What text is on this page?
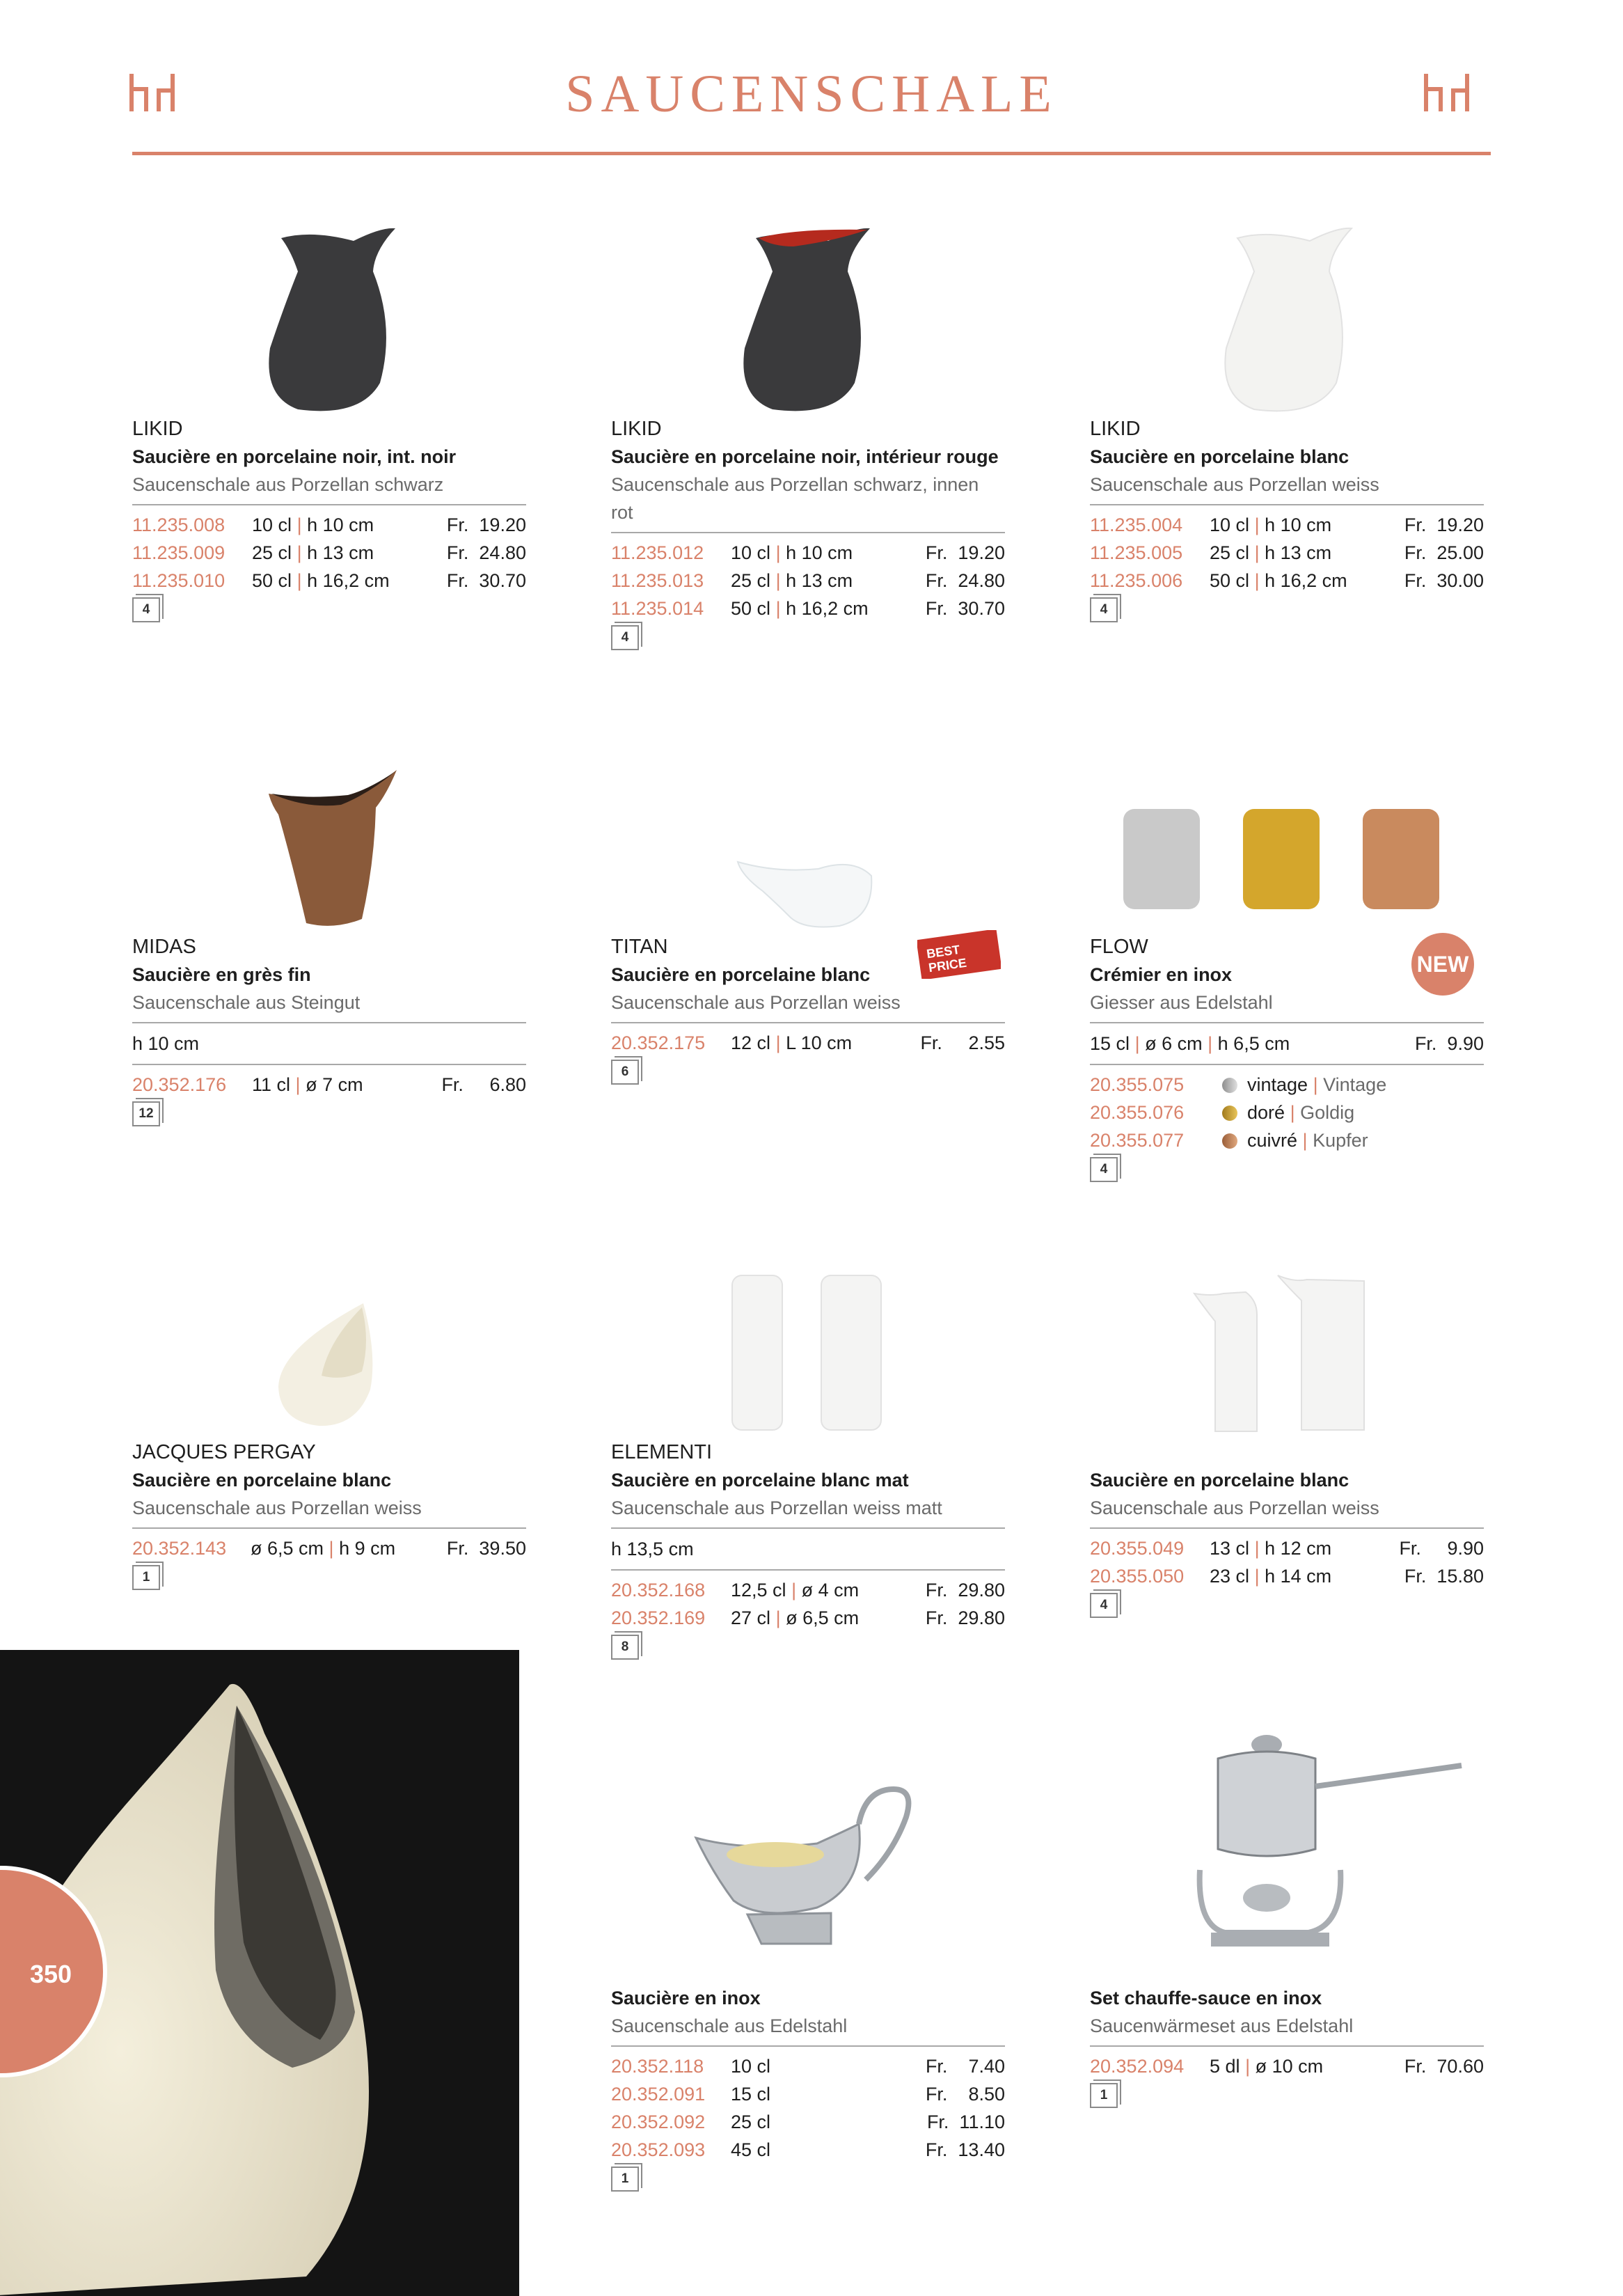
SAUCENSCHALE
LIKID
Saucière en porcelaine noir, int. noir
Saucenschale aus Porzellan schwarz
11.235.008 10 cl | h 10 cm	Fr.  19.20
11.235.009 25 cl | h 13 cm	Fr.  24.80
11.235.010 50 cl | h 16,2 cm	Fr.  30.70
4
LIKID
Saucière en porcelaine noir, intérieur rouge
Saucenschale aus Porzellan schwarz, innen rot
11.235.012 10 cl | h 10 cm	Fr.  19.20
11.235.013 25 cl | h 13 cm	Fr.  24.80
11.235.014 50 cl | h 16,2 cm	Fr.  30.70
4
LIKID
Saucière en porcelaine blanc
Saucenschale aus Porzellan weiss
11.235.004 10 cl | h 10 cm	Fr.  19.20
11.235.005 25 cl | h 13 cm	Fr.  25.00
11.235.006 50 cl | h 16,2 cm	Fr.  30.00
4
NEW
BEST
PRICE
MIDAS
Saucière en grès fin
Saucenschale aus Steingut
h 10 cm
20.352.176 11 cl | ø 7 cm	Fr.     6.80
12
TITAN
Saucière en porcelaine blanc
Saucenschale aus Porzellan weiss
20.352.175 12 cl | L 10 cm	Fr.     2.55
6
FLOW
Crémier en inox
Giesser aus Edelstahl
15 cl | ø 6 cm | h 6,5 cm	Fr.  9.90
20.355.075	vintage | Vintage
20.355.076	doré | Goldig
20.355.077	cuivré | Kupfer
4
JACQUES PERGAY
Saucière en porcelaine blanc
Saucenschale aus Porzellan weiss
20.352.143 ø 6,5 cm | h 9 cm	Fr.  39.50
1
ELEMENTI
Saucière en porcelaine blanc mat
Saucenschale aus Porzellan weiss matt
h 13,5 cm
20.352.168 12,5 cl | ø 4 cm	Fr.  29.80
20.352.169 27 cl | ø 6,5 cm	Fr.  29.80
8
Saucière en porcelaine blanc
Saucenschale aus Porzellan weiss
20.355.049 13 cl | h 12 cm	Fr.     9.90
20.355.050 23 cl | h 14 cm	Fr.  15.80
4
Saucière en inox
Saucenschale aus Edelstahl
20.352.118 10 cl	Fr.    7.40
20.352.091 15 cl	Fr.    8.50
20.352.092 25 cl	Fr.  11.10
20.352.093 45 cl	Fr.  13.40
1
Set chauffe-sauce en inox
Saucenwärmeset aus Edelstahl
20.352.094 5 dl | ø 10 cm	Fr.  70.60
1
350
